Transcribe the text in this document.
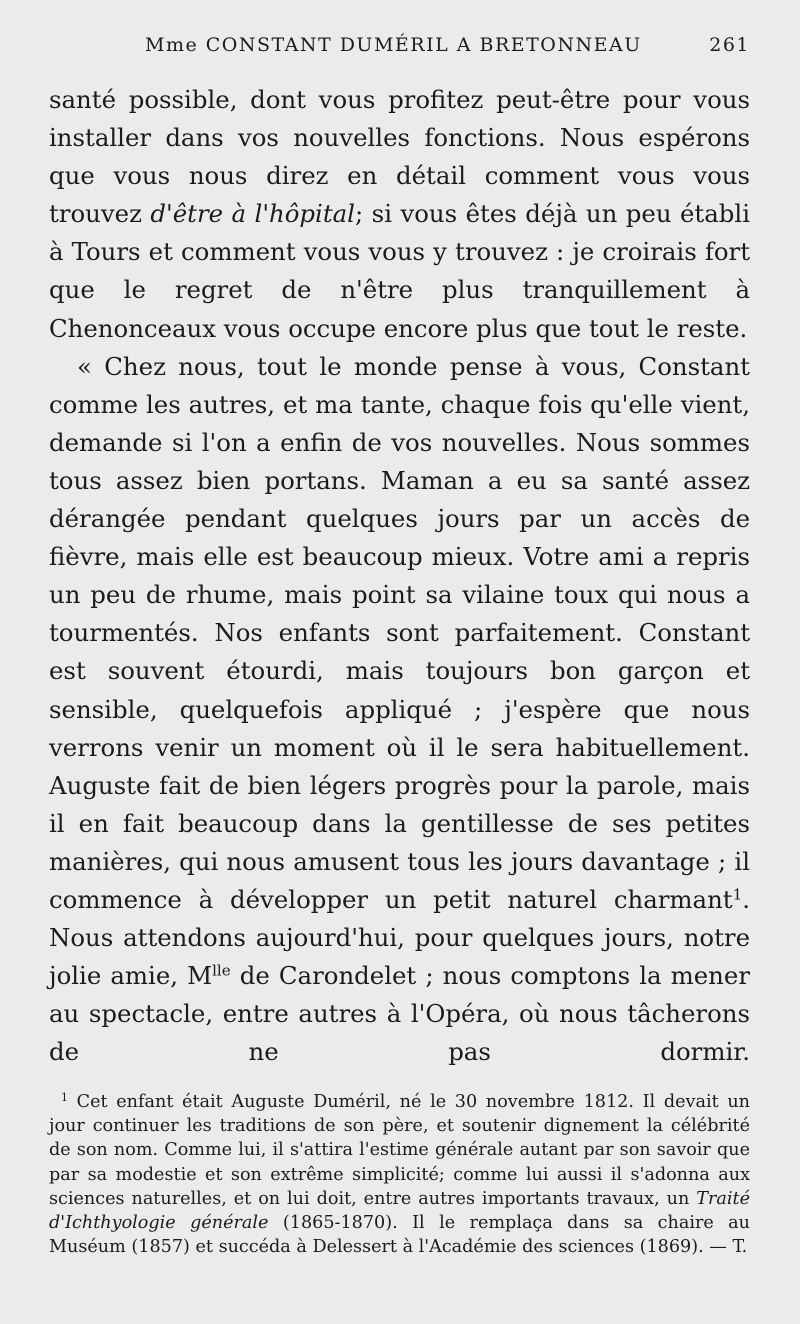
Mme CONSTANT DUMÉRIL A BRETONNEAU	261

santé possible, dont vous profitez peut-être pour vous installer dans vos nouvelles fonctions. Nous espérons que vous nous direz en détail comment vous vous trouvez d'être à l'hôpital; si vous êtes déjà un peu établi à Tours et comment vous vous y trouvez : je croirais fort que le regret de n'être plus tranquillement à Chenonceaux vous occupe encore plus que tout le reste.

« Chez nous, tout le monde pense à vous, Constant comme les autres, et ma tante, chaque fois qu'elle vient, demande si l'on a enfin de vos nouvelles. Nous sommes tous assez bien portans. Maman a eu sa santé assez dérangée pendant quelques jours par un accès de fièvre, mais elle est beaucoup mieux. Votre ami a repris un peu de rhume, mais point sa vilaine toux qui nous a tourmentés. Nos enfants sont parfaitement. Constant est souvent étourdi, mais toujours bon garçon et sensible, quelquefois appliqué ; j'espère que nous verrons venir un moment où il le sera habituellement. Auguste fait de bien légers progrès pour la parole, mais il en fait beaucoup dans la gentillesse de ses petites manières, qui nous amusent tous les jours davantage ; il commence à développer un petit naturel charmant$^1$. Nous attendons aujourd'hui, pour quelques jours, notre jolie amie, $M^{lle}$ de Carondelet ; nous comptons la mener au spectacle, entre autres à l'Opéra, où nous tâcherons de ne pas dormir.

$^1$ Cet enfant était Auguste Duméril, né le 30 novembre 1812. Il devait un jour continuer les traditions de son père, et soutenir dignement la célébrité de son nom. Comme lui, il s'attira l'estime générale autant par son savoir que par sa modestie et son extrême simplicité; comme lui aussi il s'adonna aux sciences naturelles, et on lui doit, entre autres importants travaux, un Traité d'Ichthyologie générale (1865-1870). Il le remplaça dans sa chaire au Muséum (1857) et succéda à Delessert à l'Académie des sciences (1869). — T.
